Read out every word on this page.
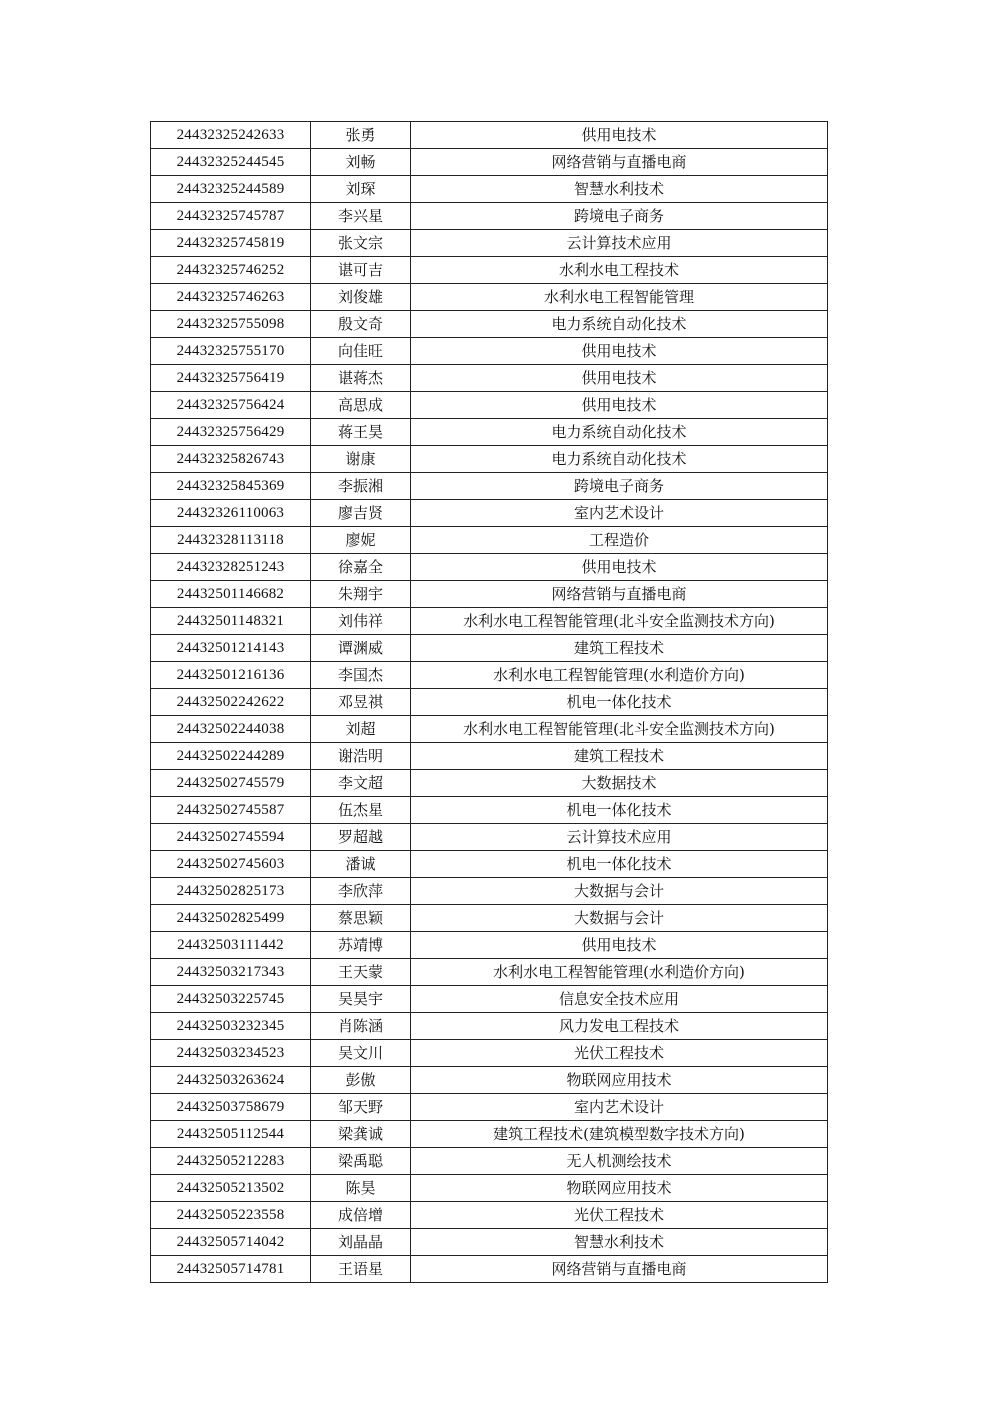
24432325242633	张勇	供用电技术
24432325244545	刘畅	网络营销与直播电商
24432325244589	刘琛	智慧水利技术
24432325745787	李兴星	跨境电子商务
24432325745819	张文宗	云计算技术应用
24432325746252	谌可吉	水利水电工程技术
24432325746263	刘俊雄	水利水电工程智能管理
24432325755098	殷文奇	电力系统自动化技术
24432325755170	向佳旺	供用电技术
24432325756419	谌蒋杰	供用电技术
24432325756424	高思成	供用电技术
24432325756429	蒋王昊	电力系统自动化技术
24432325826743	谢康	电力系统自动化技术
24432325845369	李振湘	跨境电子商务
24432326110063	廖吉贤	室内艺术设计
24432328113118	廖妮	工程造价
24432328251243	徐嘉全	供用电技术
24432501146682	朱翔宇	网络营销与直播电商
24432501148321	刘伟祥	水利水电工程智能管理(北斗安全监测技术方向)
24432501214143	谭渊威	建筑工程技术
24432501216136	李国杰	水利水电工程智能管理(水利造价方向)
24432502242622	邓昱祺	机电一体化技术
24432502244038	刘超	水利水电工程智能管理(北斗安全监测技术方向)
24432502244289	谢浩明	建筑工程技术
24432502745579	李文超	大数据技术
24432502745587	伍杰星	机电一体化技术
24432502745594	罗超越	云计算技术应用
24432502745603	潘诚	机电一体化技术
24432502825173	李欣萍	大数据与会计
24432502825499	蔡思颖	大数据与会计
24432503111442	苏靖博	供用电技术
24432503217343	王天蒙	水利水电工程智能管理(水利造价方向)
24432503225745	吴昊宇	信息安全技术应用
24432503232345	肖陈涵	风力发电工程技术
24432503234523	吴文川	光伏工程技术
24432503263624	彭傲	物联网应用技术
24432503758679	邹天野	室内艺术设计
24432505112544	梁龚诚	建筑工程技术(建筑模型数字技术方向)
24432505212283	梁禹聪	无人机测绘技术
24432505213502	陈昊	物联网应用技术
24432505223558	成倍增	光伏工程技术
24432505714042	刘晶晶	智慧水利技术
24432505714781	王语星	网络营销与直播电商
